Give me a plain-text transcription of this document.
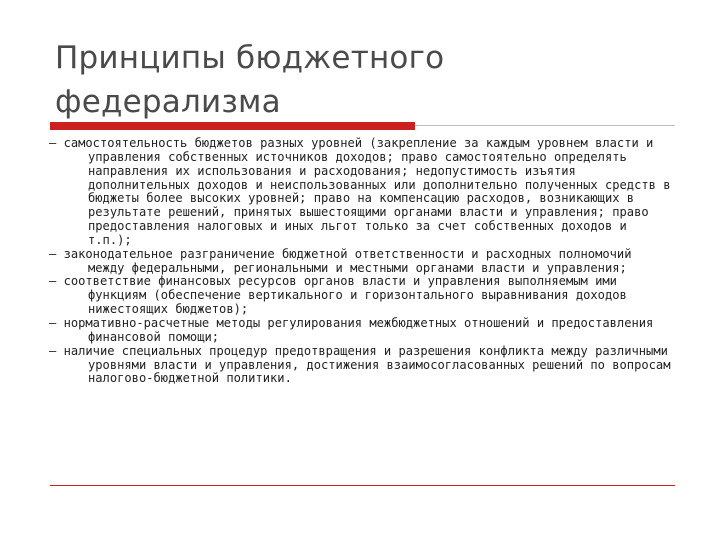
Принципы бюджетного
федерализма
– самостоятельность бюджетов разных уровней (закрепление за каждым уровнем власти и управления собственных источников доходов; право самостоятельно определять направления их использования и расходования; недопустимость изъятия дополнительных доходов и неиспользованных или дополнительно полученных средств в бюджеты более высоких уровней; право на компенсацию расходов, возникающих в результате решений, принятых вышестоящими органами власти и управления; право предоставления налоговых и иных льгот только за счет собственных доходов и т.п.);
– законодательное разграничение бюджетной ответственности и расходных полномочий между федеральными, региональными и местными органами власти и управления;
– соответствие финансовых ресурсов органов власти и управления выполняемым ими функциям (обеспечение вертикального и горизонтального выравнивания доходов нижестоящих бюджетов);
– нормативно-расчетные методы регулирования межбюджетных отношений и предоставления финансовой помощи;
– наличие специальных процедур предотвращения и разрешения конфликта между различными уровнями власти и управления, достижения взаимосогласованных решений по вопросам налогово-бюджетной политики.
